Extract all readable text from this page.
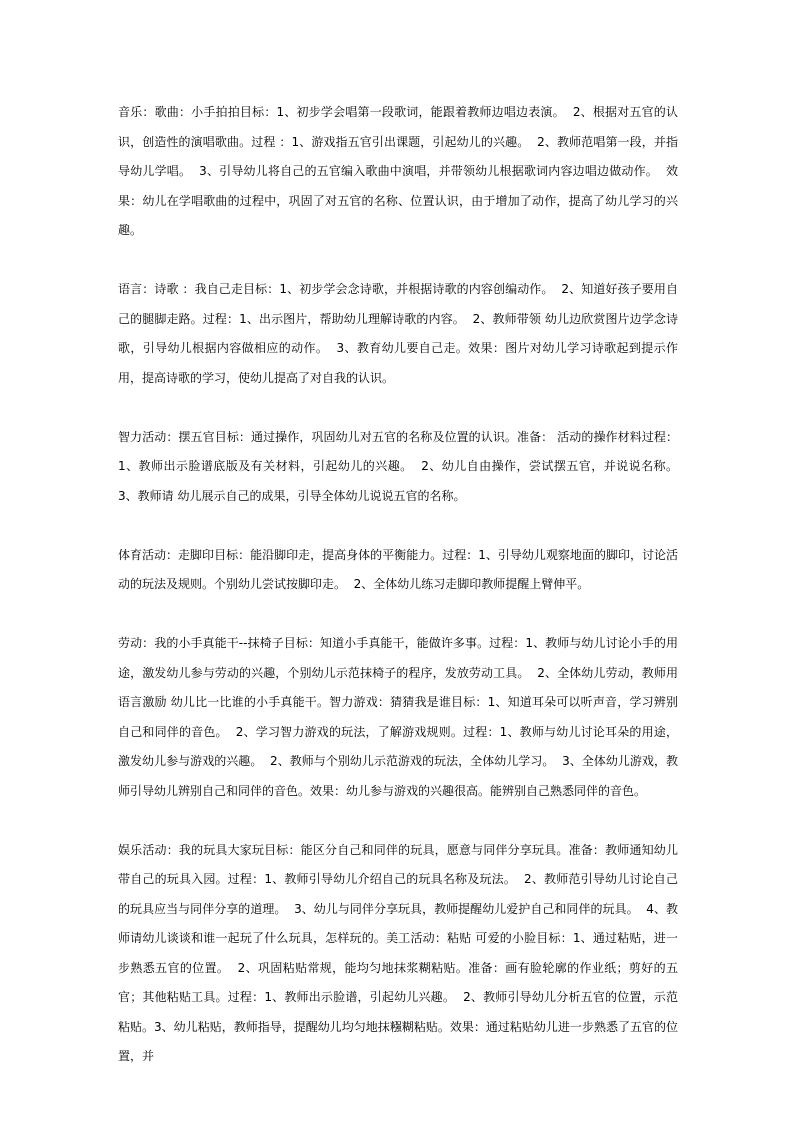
音乐：歌曲：小手拍拍目标：1、初步学会唱第一段歌词，能跟着教师边唱边表演。  2、根据对五官的认识，创造性的演唱歌曲。过程 ：1、游戏指五官引出课题，引起幼儿的兴趣。  2、教师范唱第一段，并指导幼儿学唱。  3、引导幼儿将自己的五官编入歌曲中演唱，并带领幼儿根据歌词内容边唱边做动作。  效果：幼儿在学唱歌曲的过程中，巩固了对五官的名称、位置认识，由于增加了动作，提高了幼儿学习的兴趣。

语言：诗歌 ：我自己走目标：1、初步学会念诗歌，并根据诗歌的内容创编动作。  2、知道好孩子要用自己的腿脚走路。过程：1、出示图片，帮助幼儿理解诗歌的内容。  2、教师带领 幼儿边欣赏图片边学念诗歌，引导幼儿根据内容做相应的动作。  3、教育幼儿要自己走。效果：图片对幼儿学习诗歌起到提示作用，提高诗歌的学习，使幼儿提高了对自我的认识。

智力活动：摆五官目标：通过操作，巩固幼儿对五官的名称及位置的认识。准备： 活动的操作材料过程：1、教师出示脸谱底版及有关材料，引起幼儿的兴趣。  2、幼儿自由操作，尝试摆五官，并说说名称。  3、教师请 幼儿展示自己的成果，引导全体幼儿说说五官的名称。

体育活动：走脚印目标：能沿脚印走，提高身体的平衡能力。过程：1、引导幼儿观察地面的脚印，讨论活动的玩法及规则。个别幼儿尝试按脚印走。  2、全体幼儿练习走脚印教师提醒上臂伸平。

劳动：我的小手真能干--抹椅子目标：知道小手真能干，能做许多事。过程：1、教师与幼儿讨论小手的用途，激发幼儿参与劳动的兴趣，个别幼儿示范抹椅子的程序，发放劳动工具。  2、全体幼儿劳动，教师用语言激励 幼儿比一比谁的小手真能干。智力游戏：猜猜我是谁目标：1、知道耳朵可以听声音，学习辨别自己和同伴的音色。  2、学习智力游戏的玩法，了解游戏规则。过程：1、教师与幼儿讨论耳朵的用途，激发幼儿参与游戏的兴趣。  2、教师与个别幼儿示范游戏的玩法，全体幼儿学习。  3、全体幼儿游戏，教师引导幼儿辨别自己和同伴的音色。效果：幼儿参与游戏的兴趣很高。能辨别自己熟悉同伴的音色。

娱乐活动：我的玩具大家玩目标：能区分自己和同伴的玩具，愿意与同伴分享玩具。准备：教师通知幼儿带自己的玩具入园。过程：1、教师引导幼儿介绍自己的玩具名称及玩法。  2、教师范引导幼儿讨论自己的玩具应当与同伴分享的道理。  3、幼儿与同伴分享玩具，教师提醒幼儿爱护自己和同伴的玩具。  4、教师请幼儿谈谈和谁一起玩了什么玩具，怎样玩的。美工活动：粘贴 可爱的小脸目标：1、通过粘贴，进一步熟悉五官的位置。  2、巩固粘贴常规，能均匀地抹浆糊粘贴。准备：画有脸轮廓的作业纸；剪好的五官；其他粘贴工具。过程：1、教师出示脸谱，引起幼儿兴趣。  2、教师引导幼儿分析五官的位置，示范粘贴。3、幼儿粘贴，教师指导，提醒幼儿均匀地抹糨糊粘贴。效果：通过粘贴幼儿进一步熟悉了五官的位置，并
